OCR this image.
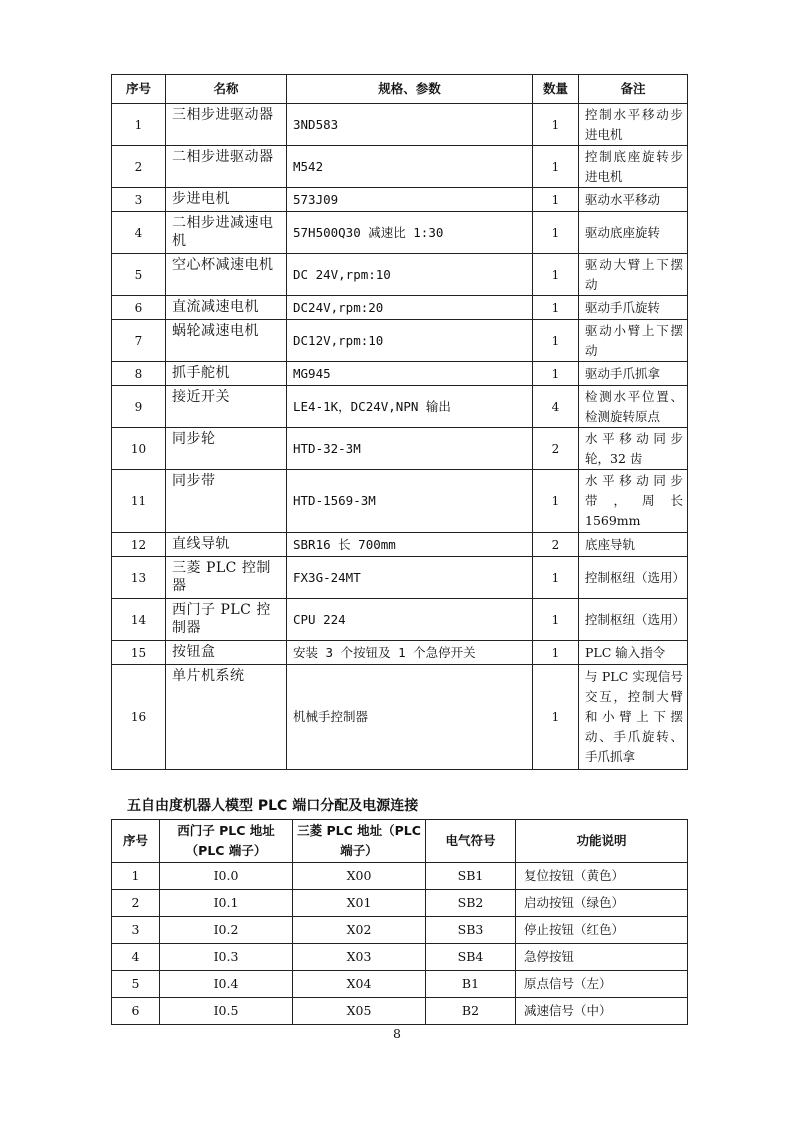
序号	名称	规格、参数	数量	备注
1	三相步进驱动器	3ND583	1	控制水平移动步进电机
2	二相步进驱动器	M542	1	控制底座旋转步进电机
3	步进电机	573J09	1	驱动水平移动
4	二相步进减速电机	57H500Q30 减速比 1:30	1	驱动底座旋转
5	空心杯减速电机	DC 24V,rpm:10	1	驱动大臂上下摆动
6	直流减速电机	DC24V,rpm:20	1	驱动手爪旋转
7	蜗轮减速电机	DC12V,rpm:10	1	驱动小臂上下摆动
8	抓手舵机	MG945	1	驱动手爪抓拿
9	接近开关	LE4-1K，DC24V,NPN 输出	4	检测水平位置、检测旋转原点
10	同步轮	HTD-32-3M	2	水平移动同步轮，32 齿
11	同步带	HTD-1569-3M	1	水平移动同步带，周长 1569mm
12	直线导轨	SBR16 长 700mm	2	底座导轨
13	三菱 PLC 控制器	FX3G-24MT	1	控制枢纽（选用）
14	西门子 PLC 控制器	CPU 224	1	控制枢纽（选用）
15	按钮盒	安装 3 个按钮及 1 个急停开关	1	PLC 输入指令
16	单片机系统	机械手控制器	1	与 PLC 实现信号交互，控制大臂和小臂上下摆动、手爪旋转、手爪抓拿
五自由度机器人模型 PLC 端口分配及电源连接
序号	西门子 PLC 地址（PLC 端子）	三菱 PLC 地址（PLC 端子）	电气符号	功能说明
1	I0.0	X00	SB1	复位按钮（黄色）
2	I0.1	X01	SB2	启动按钮（绿色）
3	I0.2	X02	SB3	停止按钮（红色）
4	I0.3	X03	SB4	急停按钮
5	I0.4	X04	B1	原点信号（左）
6	I0.5	X05	B2	减速信号（中）
8
